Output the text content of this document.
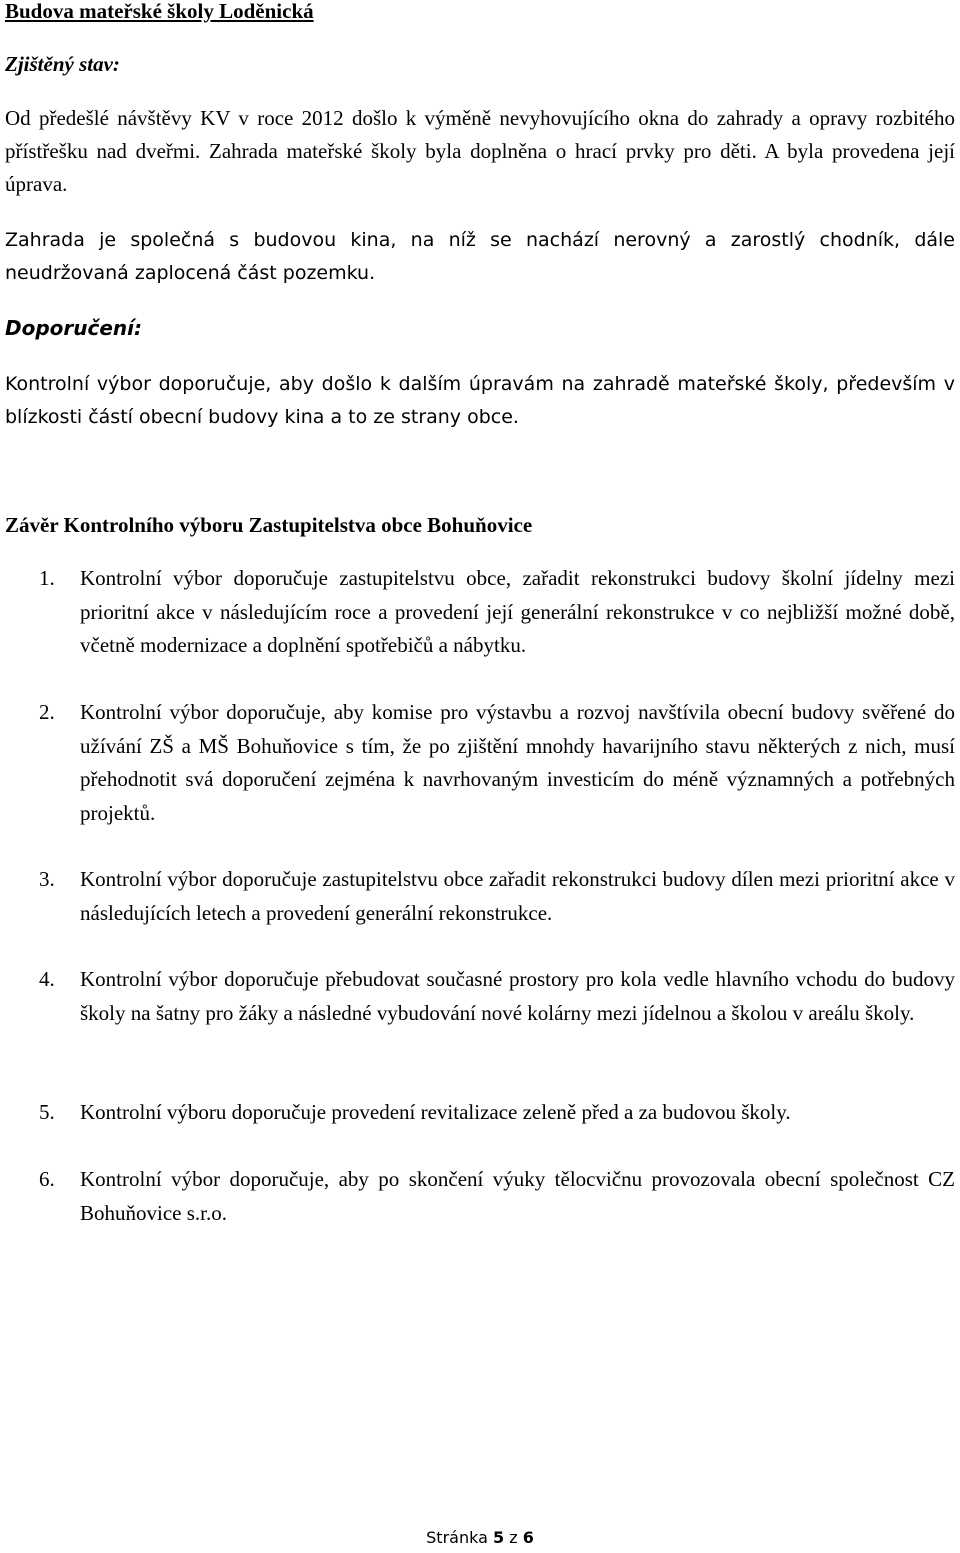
Budova mateřské školy Loděnická

Zjištěný stav:

Od předešlé návštěvy KV v roce 2012 došlo k výměně nevyhovujícího okna do zahrady a opravy rozbitého přístřešku nad dveřmi. Zahrada mateřské školy byla doplněna o hrací prvky pro děti. A byla provedena její úprava.

Zahrada je společná s budovou kina, na níž se nachází nerovný a zarostlý chodník, dále neudržovaná zaplocená část pozemku.

Doporučení:

Kontrolní výbor doporučuje, aby došlo k dalším úpravám na zahradě mateřské školy, především v blízkosti částí obecní budovy kina a to ze strany obce.

Závěr Kontrolního výboru Zastupitelstva obce Bohuňovice

1. Kontrolní výbor doporučuje zastupitelstvu obce, zařadit rekonstrukci budovy školní jídelny mezi prioritní akce v následujícím roce a provedení její generální rekonstrukce v co nejbližší možné době, včetně modernizace a doplnění spotřebičů a nábytku.

2. Kontrolní výbor doporučuje, aby komise pro výstavbu a rozvoj navštívila obecní budovy svěřené do užívání ZŠ a MŠ Bohuňovice s tím, že po zjištění mnohdy havarijního stavu některých z nich, musí přehodnotit svá doporučení zejména k navrhovaným investicím do méně významných a potřebných projektů.

3. Kontrolní výbor doporučuje zastupitelstvu obce zařadit rekonstrukci budovy dílen mezi prioritní akce v následujících letech a provedení generální rekonstrukce.

4. Kontrolní výbor doporučuje přebudovat současné prostory pro kola vedle hlavního vchodu do budovy školy na šatny pro žáky a následné vybudování nové kolárny mezi jídelnou a školou v areálu školy.

5. Kontrolní výboru doporučuje provedení revitalizace zeleně před a za budovou školy.

6. Kontrolní výbor doporučuje, aby po skončení výuky tělocvičnu provozovala obecní společnost CZ Bohuňovice s.r.o.

Stránka 5 z 6
